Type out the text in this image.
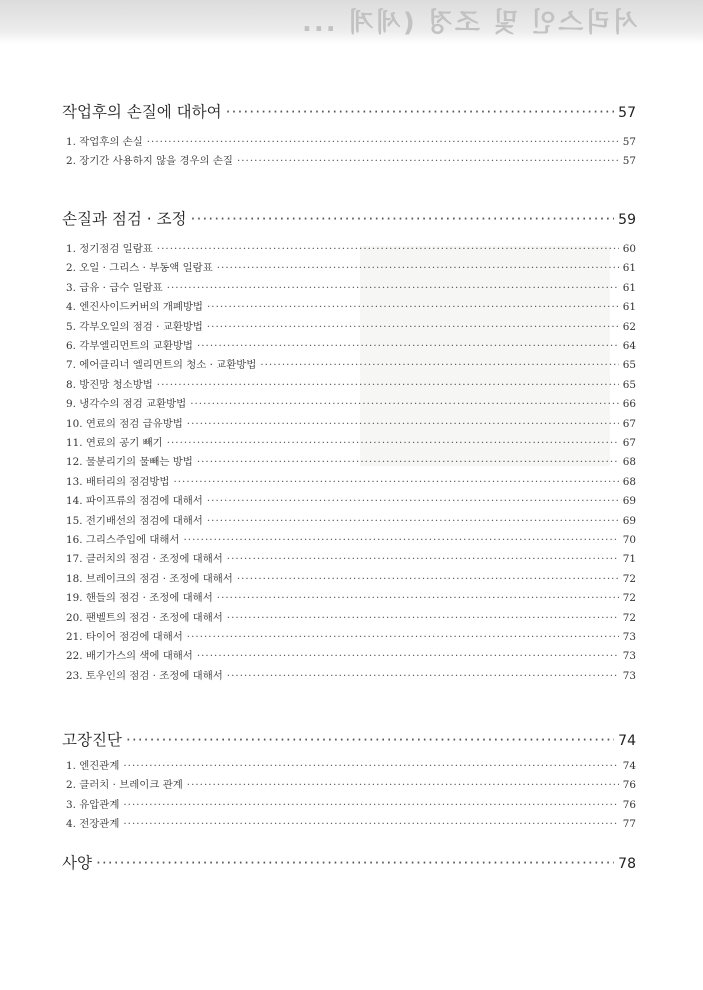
서리스인 및 조정 (세계 ...
작업후의 손질에 대하여 ·····	57
1. 작업후의 손실 ·····	57
2. 장기간 사용하지 않을 경우의 손질 ·····	57
손질과 점검 · 조정 ·····	59
1. 정기점검 일람표 ·····	60
2. 오일 · 그리스 · 부동액 일람표 ·····	61
3. 급유 · 급수 일람표 ·····	61
4. 엔진사이드커버의 개폐방법 ·····	61
5. 각부오일의 점검 · 교환방법 ·····	62
6. 각부엘리먼트의 교환방법 ·····	64
7. 에어클리너 엘리먼트의 청소 · 교환방법 ·····	65
8. 방진망 청소방법 ·····	65
9. 냉각수의 점검 교환방법 ·····	66
10. 연료의 점검 급유방법 ·····	67
11. 연료의 공기 빼기 ·····	67
12. 물분리기의 물빼는 방법 ·····	68
13. 배터리의 점검방법 ·····	68
14. 파이프류의 점검에 대해서 ·····	69
15. 전기배선의 점검에 대해서 ·····	69
16. 그리스주입에 대해서 ·····	70
17. 클러치의 점검 · 조정에 대해서 ·····	71
18. 브레이크의 점검 · 조정에 대해서 ·····	72
19. 핸들의 점검 · 조정에 대해서 ·····	72
20. 팬벨트의 점검 · 조정에 대해서 ·····	72
21. 타이어 점검에 대해서 ·····	73
22. 배기가스의 색에 대해서 ·····	73
23. 토우인의 점검 · 조정에 대해서 ·····	73
고장진단 ·····	74
1. 엔진관계 ·····	74
2. 클러치 · 브레이크 관계 ·····	76
3. 유압관계 ·····	76
4. 전장관계 ·····	77
사양 ·····	78
